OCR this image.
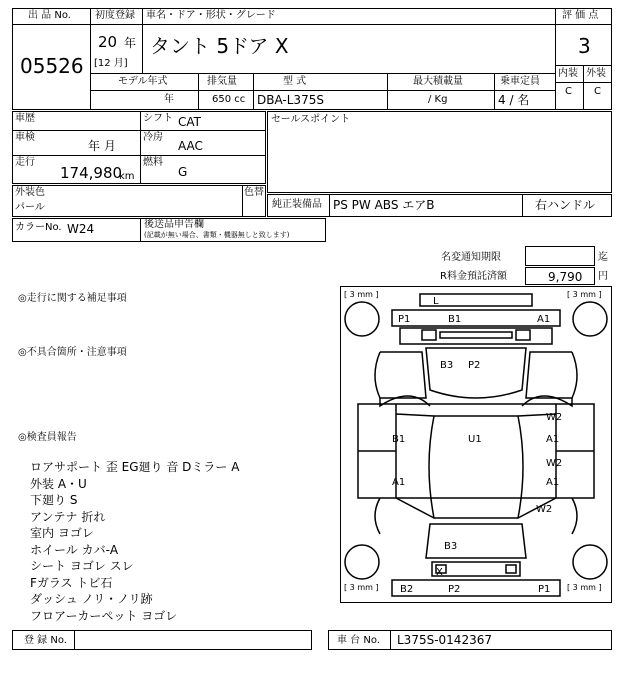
出 品 No.
05526
初度登録
20 年
[12 月]
車名・ドア・形状・グレード
タント 5ドア X
評 価 点
3
内装 外装
C C
モデル年式	排気量	型 式	最大積載量	乗車定員
年	650 cc DBA-L375S	/ Kg	4 / 名
車歴
車検
年 月
走行
174,980
km
シフト CAT
冷房
AAC
燃料
G
セールスポイント
外装色
パール
色替
純正装備品 PS PW ABS エアB	右ハンドル
カラーNo. W24	後送品申告欄
(記載が無い場合、書類・機器無しと致します)
名変通知期限	迄
R料金預託済額	9,790 円
◎走行に関する補足事項
◎不具合箇所・注意事項
◎検査員報告
ロアサポート 歪 EG廻り 音 Dミラー A
外装 A・U
下廻り S
アンテナ 折れ
室内 ヨゴレ
ホイール カバ-A
シート ヨゴレ スレ
Fガラス トビ石
ダッシュ ノリ・ノリ跡
フロアーカーペット ヨゴレ
[ 3 mm ]	[ 3 mm ]
[ 3 mm ]	[ 3 mm ]
L
P1	B1	A1
B3 P2
B1	U1
W2
A1
W2
A1
A1
W2
B3
X
B2	P2	P1
登 録 No.	車 台 No. L375S-0142367
